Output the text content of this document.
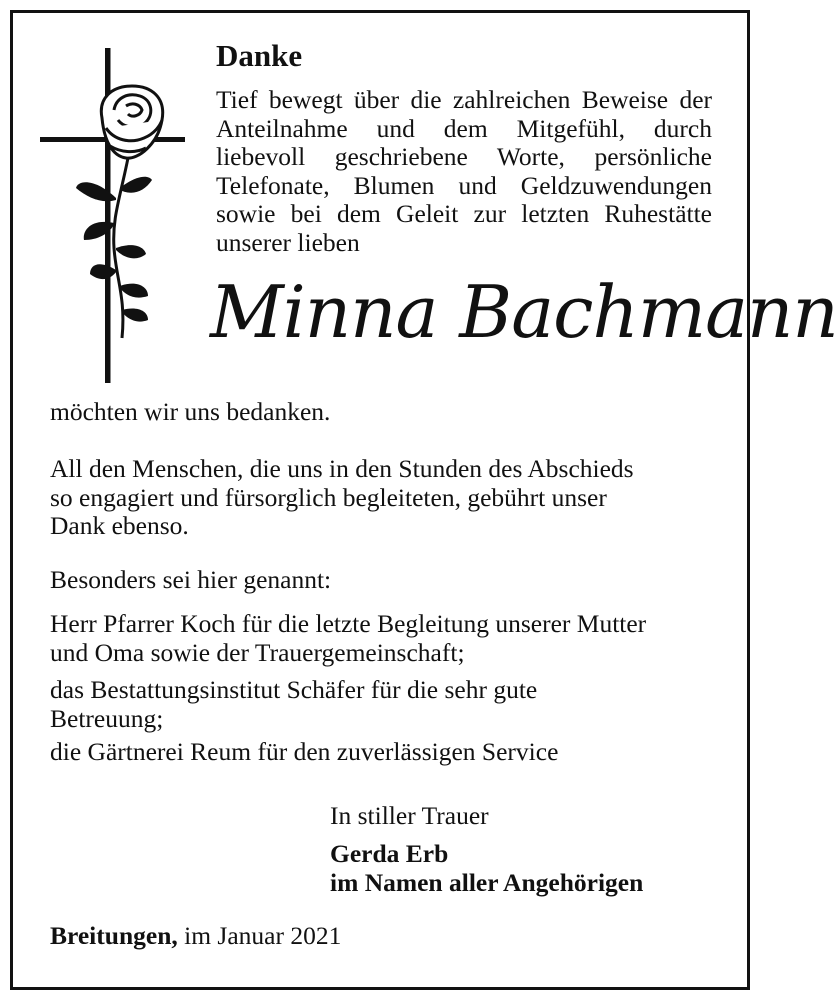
Danke
Tief bewegt über die zahlreichen Beweise der Anteilnahme und dem Mitgefühl, durch liebevoll geschriebene Worte, persönliche Telefonate, Blumen und Geldzuwendungen sowie bei dem Geleit zur letzten Ruhestätte unserer lieben
Minna Bachmann

möchten wir uns bedanken.

All den Menschen, die uns in den Stunden des Abschieds
so engagiert und fürsorglich begleiteten, gebührt unser
Dank ebenso.

Besonders sei hier genannt:

Herr Pfarrer Koch für die letzte Begleitung unserer Mutter
und Oma sowie der Trauergemeinschaft;
das Bestattungsinstitut Schäfer für die sehr gute
Betreuung;
die Gärtnerei Reum für den zuverlässigen Service

In stiller Trauer

Gerda Erb
im Namen aller Angehörigen

Breitungen, im Januar 2021
